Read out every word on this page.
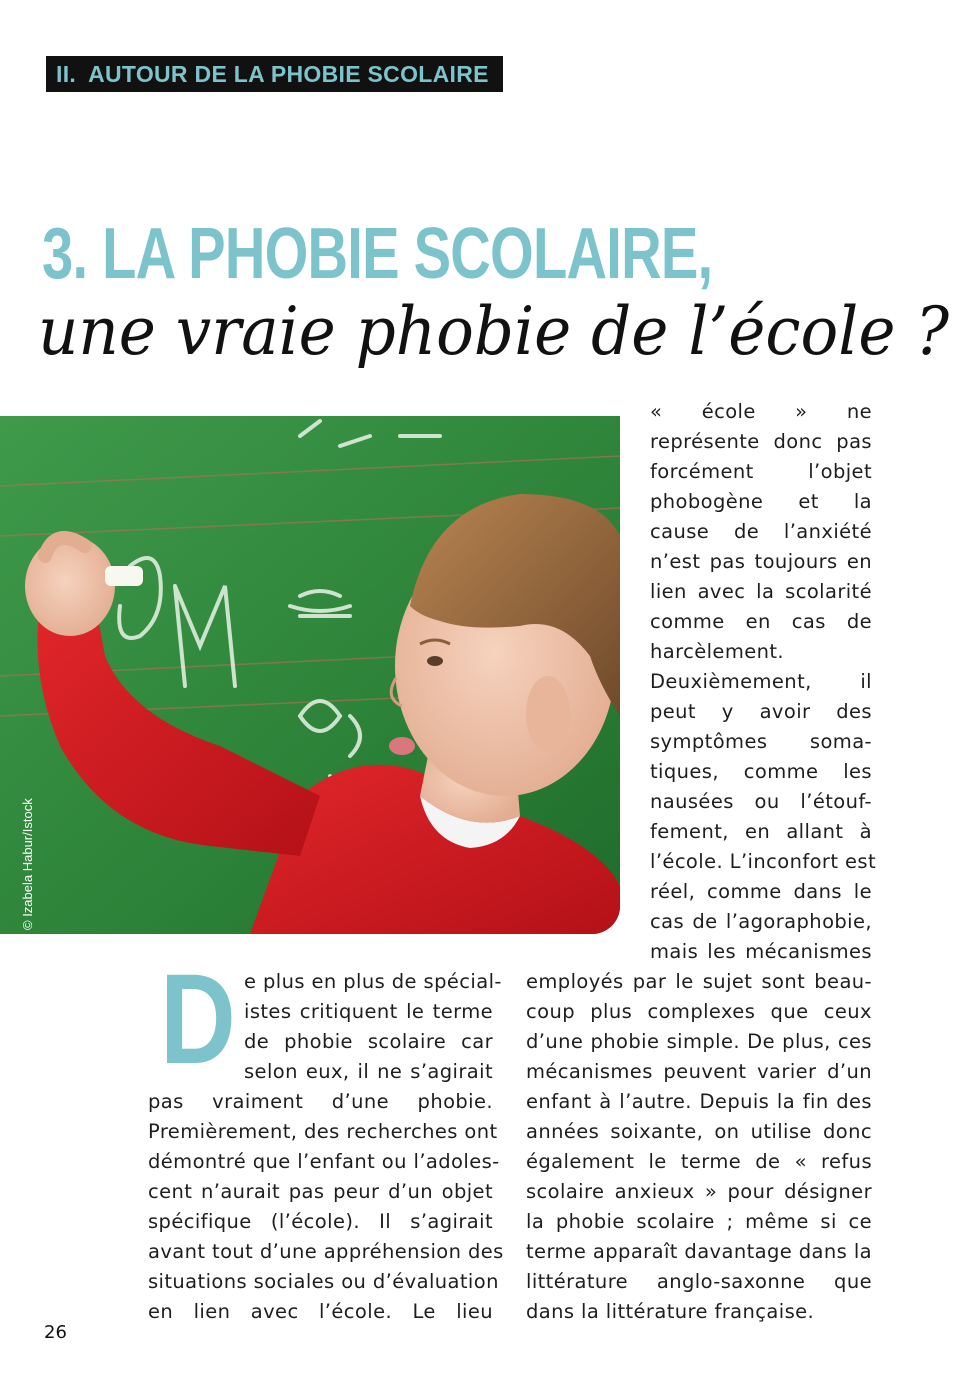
II. AUTOUR DE LA PHOBIE SCOLAIRE
3. LA PHOBIE SCOLAIRE,
une vraie phobie de l’école ?
© Izabela Habur/Istock
« école » ne
représente donc pas
forcément l’objet
phobogène et la
cause de l’anxiété
n’est pas toujours en
lien avec la scolarité
comme en cas de
harcèlement.
Deuxièmement, il
peut y avoir des
symptômes soma-
tiques, comme les
nausées ou l’étouf-
fement, en allant à
l’école. L’inconfort est
réel, comme dans le
cas de l’agoraphobie,
mais les mécanismes
D e plus en plus de spécial-
istes critiquent le terme
de phobie scolaire car
selon eux, il ne s’agirait
pas vraiment d’une phobie.
Premièrement, des recherches ont
démontré que l’enfant ou l’adoles-
cent n’aurait pas peur d’un objet
spécifique (l’école). Il s’agirait
avant tout d’une appréhension des
situations sociales ou d’évaluation
en lien avec l’école. Le lieu
employés par le sujet sont beau-
coup plus complexes que ceux
d’une phobie simple. De plus, ces
mécanismes peuvent varier d’un
enfant à l’autre. Depuis la fin des
années soixante, on utilise donc
également le terme de « refus
scolaire anxieux » pour désigner
la phobie scolaire ; même si ce
terme apparaît davantage dans la
littérature anglo-saxonne que
dans la littérature française.
26
